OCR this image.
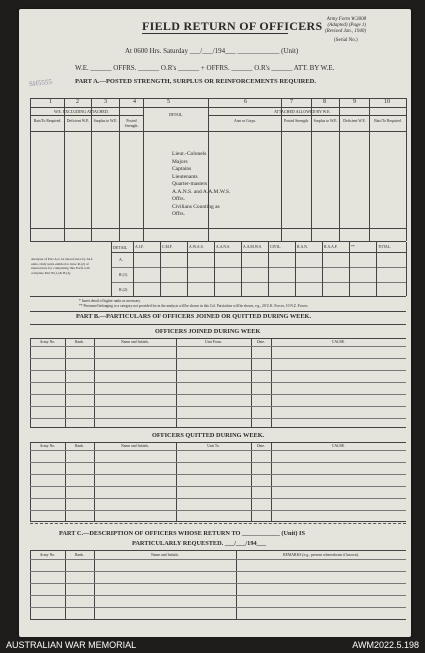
Army Form W.3008
(Adapted) (Page 1)
(Revised Jan., 1940)
FIELD RETURN OF OFFICERS
(Serial No.)
At 0600 Hrs. Saturday ___/___/194___ ____________ (Unit)
W.E. ______ OFFRS. ______ O.R's ______ + OFFRS. ______ O.R's ______ ATT. BY W.E.
SH5555	PART A.—POSTED STRENGTH, SURPLUS OR REINFORCEMENTS REQUIRED.
1	2	3	4	5	6	7	8	9	10
W.E. EXCLUDING ATTACHED.	ATTACHED ALLOWED BY W.E.
Bats/To Required.	Deficient W.E.	Surplus to W.E.	Posted Strength.
DETAIL.
Arm or Corps.	Posted Strength.	Surplus to W.E.	Deficient W.E.	Bats/To Required.
Lieut.-Colonels
Majors
Captains
Lieutenants
Quarter-masters
A.A.N.S. and A.A.M.W.S. Offrs.
Civilians Counting as Offrs.
Analysis of Part A to be shown here by ALL units. Only units entitled to have R.(2) of instructions for completing this Form will complete Part B.(1) & B.(2).
DETAIL A.I.F.	C.M.F.	A.W.A.S.	A.A.N.S.	A.A.M.W.S. CIVIL.	R.A.N.	R.A.A.F.	**	TOTAL.
A.
R.(1)
R.(2)
* Insert detail of higher ranks as necessary.
** Personnel belonging to a category not provided for in the analysis will be shown in this Col. Particulars will be shown, e.g., 20 U.K. Forces, 10 N.Z. Forces.
PART B.—PARTICULARS OF OFFICERS JOINED OR QUITTED DURING WEEK.
OFFICERS JOINED DURING WEEK
Army No.	Rank.	Name and Initials.	Unit From.	Date.	CAUSE.
OFFICERS QUITTED DURING WEEK.
Army No.	Rank.	Name and Initials.	Unit To.	Date.	CAUSE.
PART C.—DESCRIPTION OF OFFICERS WHOSE RETURN TO ____________ (Unit) IS
PARTICULARLY REQUESTED. ___/___/194___
Army No.	Rank.	Name and Initials.	REMARKS (e.g., present whereabouts if known).
AUSTRALIAN WAR MEMORIAL	AWM2022.5.198
